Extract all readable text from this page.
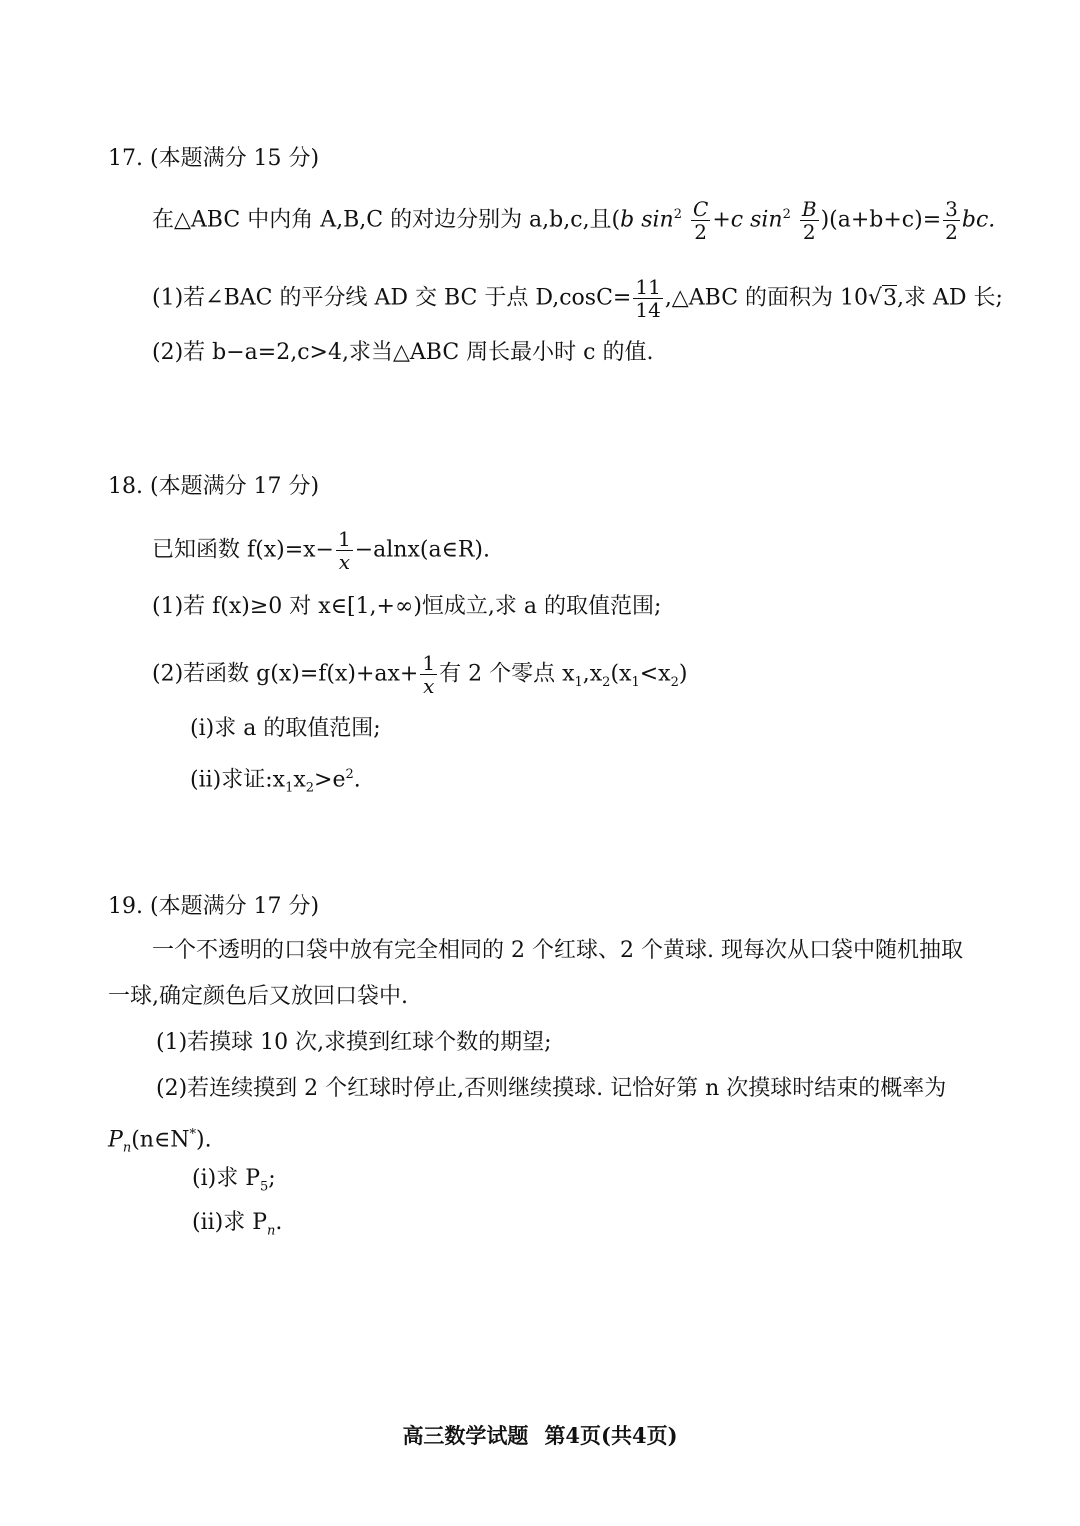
17. (本题满分 15 分)
在△ABC 中内角 A,B,C 的对边分别为 a,b,c,且(b $\sin^2 \frac{C}{2} +c$ $\sin^2 \frac{B}{2} )(a+b+c)= \frac{3}{2}$ bc.
(1)若∠BAC 的平分线 AD 交 BC 于点 $D,\cos C= \frac{11}{14}$ ,△ABC 的面积为 10√3,求 AD 长;
(2)若 b−a=2,c>4,求当△ABC 周长最小时 c 的值.
18. (本题满分 17 分)
已知函数 $f(x)=x- \frac{1}{x}$ −alnx(a∈R).
(1)若 f(x)≥0 对 x∈[1,+∞)恒成立,求 a 的取值范围;
(2)若函数 $g(x)=f(x)+ax+ \frac{1}{x}$ 有 2 个零点 $x_1,x_2(x_1<x_2)$
(i)求 a 的取值范围;
(ii)求证$:x_1x_2>e^2$.
19. (本题满分 17 分)
一个不透明的口袋中放有完全相同的 2 个红球、2 个黄球. 现每次从口袋中随机抽取
一球,确定颜色后又放回口袋中.
(1)若摸球 10 次,求摸到红球个数的期望;
(2)若连续摸到 2 个红球时停止,否则继续摸球. 记恰好第 n 次摸球时结束的概率为
$P_n(n\in N^*)$.
(i)求 $P_5$;
(ii)求 $P_n$.
高三数学试题 第4页(共4页)
